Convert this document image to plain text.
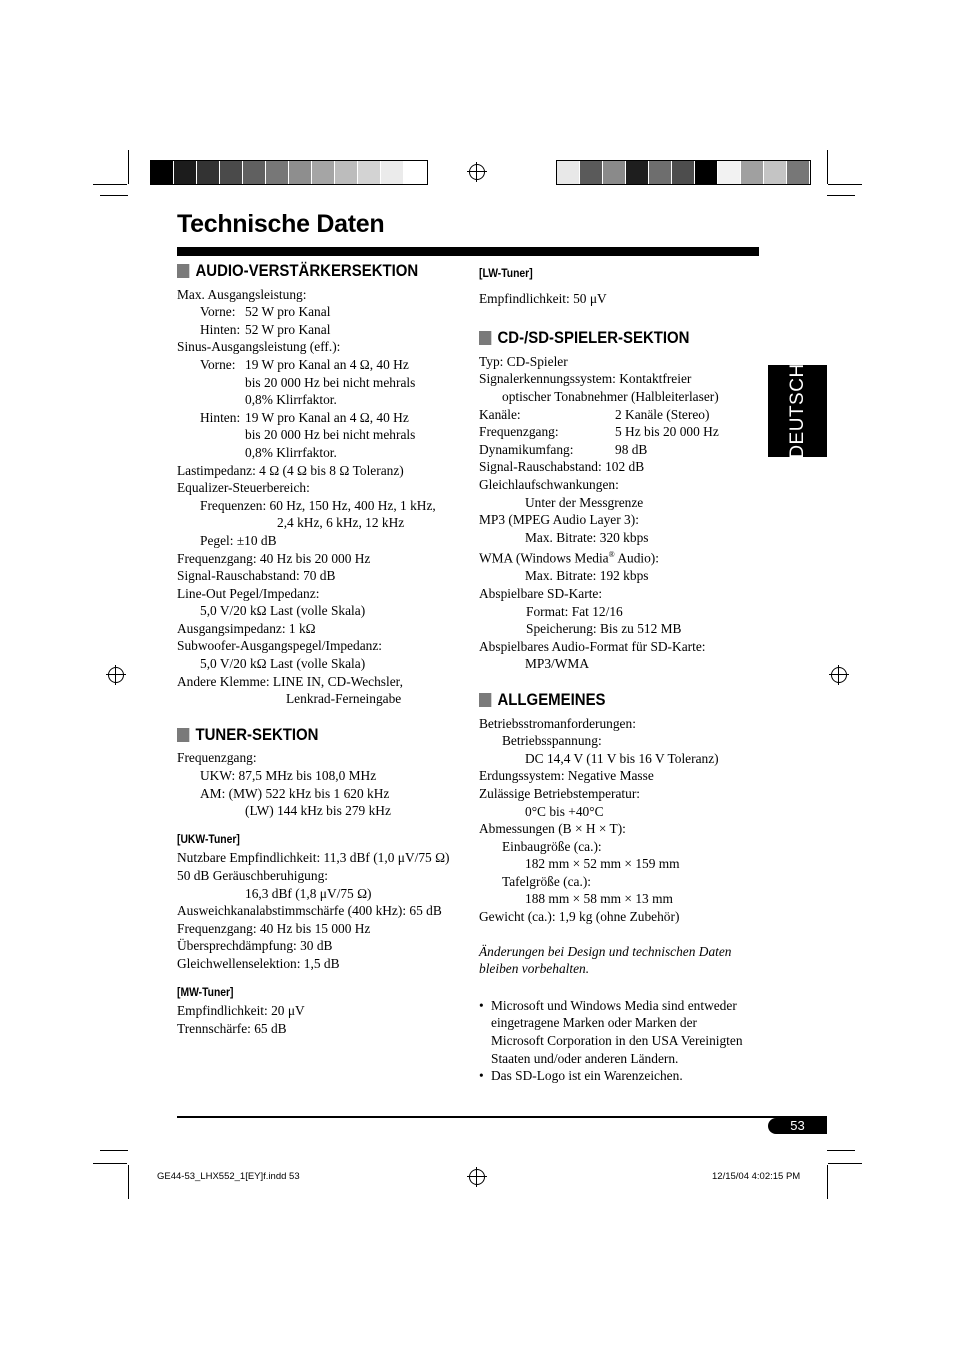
Technische Daten
DEUTSCH
AUDIO-VERSTÄRKERSEKTION
Max. Ausgangsleistung:
Vorne: 52 W pro Kanal
Hinten: 52 W pro Kanal
Sinus-Ausgangsleistung (eff.):
Vorne: 19 W pro Kanal an 4 Ω, 40 Hz
bis 20 000 Hz bei nicht mehrals
0,8% Klirrfaktor.
Hinten: 19 W pro Kanal an 4 Ω, 40 Hz
bis 20 000 Hz bei nicht mehrals
0,8% Klirrfaktor.
Lastimpedanz: 4 Ω (4 Ω bis 8 Ω Toleranz)
Equalizer-Steuerbereich:
Frequenzen: 60 Hz, 150 Hz, 400 Hz, 1 kHz,
2,4 kHz, 6 kHz, 12 kHz
Pegel: ±10 dB
Frequenzgang: 40 Hz bis 20 000 Hz
Signal-Rauschabstand: 70 dB
Line-Out Pegel/Impedanz:
5,0 V/20 kΩ Last (volle Skala)
Ausgangsimpedanz: 1 kΩ
Subwoofer-Ausgangspegel/Impedanz:
5,0 V/20 kΩ Last (volle Skala)
Andere Klemme: LINE IN, CD-Wechsler,
Lenkrad-Ferneingabe
TUNER-SEKTION
Frequenzgang:
UKW: 87,5 MHz bis 108,0 MHz
AM: (MW) 522 kHz bis 1 620 kHz
(LW) 144 kHz bis 279 kHz
[UKW-Tuner]
Nutzbare Empfindlichkeit: 11,3 dBf (1,0 μV/75 Ω)
50 dB Geräuschberuhigung:
16,3 dBf (1,8 μV/75 Ω)
Ausweichkanalabstimmschärfe (400 kHz): 65 dB
Frequenzgang: 40 Hz bis 15 000 Hz
Übersprechdämpfung: 30 dB
Gleichwellenselektion: 1,5 dB
[MW-Tuner]
Empfindlichkeit: 20 μV
Trennschärfe: 65 dB
[LW-Tuner]
Empfindlichkeit: 50 μV
CD-/SD-SPIELER-SEKTION
Typ: CD-Spieler
Signalerkennungssystem: Kontaktfreier
optischer Tonabnehmer (Halbleiterlaser)
Kanäle:	2 Kanäle (Stereo)
Frequenzgang:	5 Hz bis 20 000 Hz
Dynamikumfang:	98 dB
Signal-Rauschabstand: 102 dB
Gleichlaufschwankungen:
Unter der Messgrenze
MP3 (MPEG Audio Layer 3):
Max. Bitrate: 320 kbps
WMA (Windows Media® Audio):
Max. Bitrate: 192 kbps
Abspielbare SD-Karte:
Format: Fat 12/16
Speicherung: Bis zu 512 MB
Abspielbares Audio-Format für SD-Karte:
MP3/WMA
ALLGEMEINES
Betriebsstromanforderungen:
Betriebsspannung:
DC 14,4 V (11 V bis 16 V Toleranz)
Erdungssystem: Negative Masse
Zulässige Betriebstemperatur:
0°C bis +40°C
Abmessungen (B × H × T):
Einbaugröße (ca.):
182 mm × 52 mm × 159 mm
Tafelgröße (ca.):
188 mm × 58 mm × 13 mm
Gewicht (ca.): 1,9 kg (ohne Zubehör)
Änderungen bei Design und technischen Daten
bleiben vorbehalten.
• Microsoft und Windows Media sind entweder eingetragene Marken oder Marken der Microsoft Corporation in den USA Vereinigten Staaten und/oder anderen Ländern.
• Das SD-Logo ist ein Warenzeichen.
53
GE44-53_LHX552_1[EY]f.indd 53	12/15/04 4:02:15 PM
